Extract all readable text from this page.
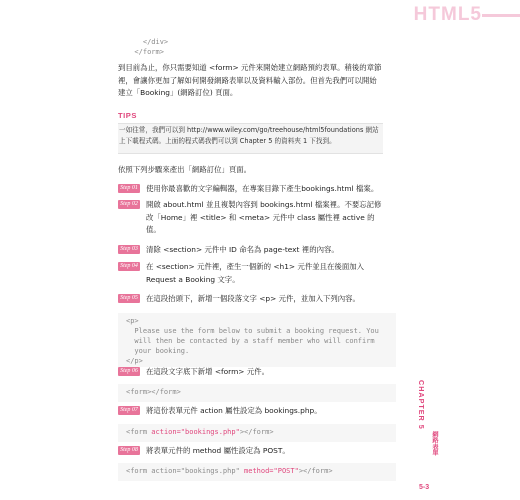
HTML5
</div>
</form>
到目前為止，你只需要知道 <form> 元件來開始建立網路預約表單。稍後的章節裡，會讓你更加了解如何開發網路表單以及資料輸入部份。但首先我們可以開始建立「Booking」(網路訂位) 頁面。
TIPS
一如往常，我們可以到 http://www.wiley.com/go/treehouse/html5foundations 網站上下載程式碼。上面的程式碼我們可以到 Chapter 5 的資料夾 1 下找到。
依照下列步驟來產出「網路訂位」頁面。
Step 01 使用你最喜歡的文字編輯器，在專案目錄下產生bookings.html 檔案。
Step 02 開啟 about.html 並且複製內容到 bookings.html 檔案裡。不要忘記修改「Home」裡 <title> 和 <meta> 元件中 class 屬性裡 active 的值。
Step 03 清除 <section> 元件中 ID 命名為 page-text 裡的內容。
Step 04 在 <section> 元件裡，產生一個新的 <h1> 元件並且在後面加入 Request a Booking 文字。
Step 05 在這段抬頭下，新增一個段落文字 <p> 元件，並加入下列內容。
<p>
Please use the form below to submit a booking request. You
will then be contacted by a staff member who will confirm
your booking.
</p>
Step 06 在這段文字底下新增 <form> 元件。
<form></form>
Step 07 將這份表單元件 action 屬性設定為 bookings.php。
<form action="bookings.php"></form>
Step 08 將表單元件的 method 屬性設定為 POST。
<form action="bookings.php" method="POST"></form>
CHAPTER 5
網路表單
5-3
